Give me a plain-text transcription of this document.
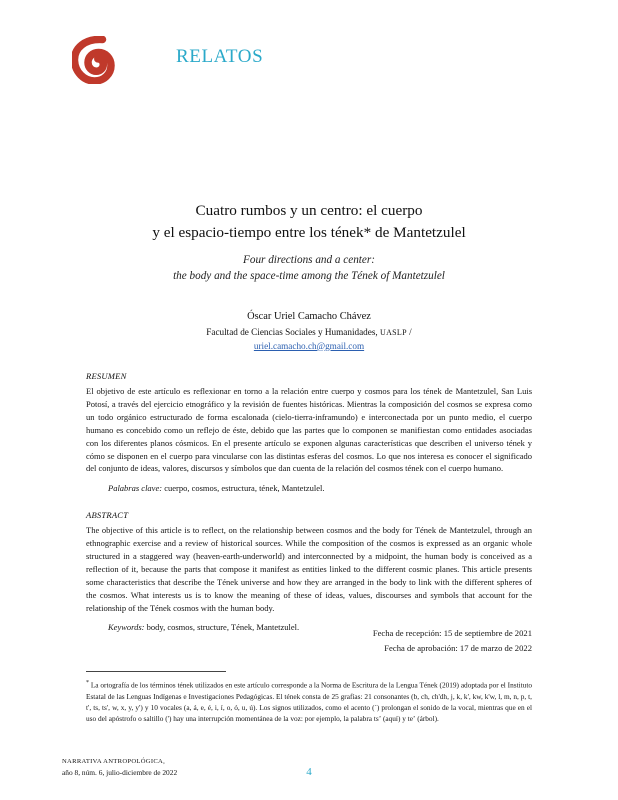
RELATOS
Cuatro rumbos y un centro: el cuerpo
y el espacio-tiempo entre los tének* de Mantetzulel
Four directions and a center:
the body and the space-time among the Tének of Mantetzulel
Óscar Uriel Camacho Chávez
Facultad de Ciencias Sociales y Humanidades, UASLP /
uriel.camacho.ch@gmail.com
RESUMEN

El objetivo de este artículo es reflexionar en torno a la relación entre cuerpo y cosmos para los tének de Mantetzulel, San Luis Potosí, a través del ejercicio etnográfico y la revisión de fuentes históricas. Mientras la composición del cosmos se expresa como un todo orgánico estructurado de forma escalonada (cielo-tierra-inframundo) e interconectada por un punto medio, el cuerpo humano es concebido como un reflejo de éste, debido que las partes que lo componen se manifiestan como entidades asociadas con los diferentes planos cósmicos. En el presente artículo se exponen algunas características que describen el universo tének y cómo se disponen en el cuerpo para vincularse con las distintas esferas del cosmos. Lo que nos interesa es conocer el significado del conjunto de ideas, valores, discursos y símbolos que dan cuenta de la relación del cosmos tének con el cuerpo humano.

Palabras clave: cuerpo, cosmos, estructura, tének, Mantetzulel.
ABSTRACT

The objective of this article is to reflect, on the relationship between cosmos and the body for Tének de Mantetzulel, through an ethnographic exercise and a review of historical sources. While the composition of the cosmos is expressed as an organic whole structured in a staggered way (heaven-earth-underworld) and interconnected by a midpoint, the human body is conceived as a reflection of it, because the parts that compose it manifest as entities linked to the different cosmic planes. This article presents some characteristics that describe the Tének universe and how they are arranged in the body to link with the different spheres of the cosmos. What interests us is to know the meaning of these of ideas, values, discourses and symbols that account for the relationship of the Tének cosmos with the human body.

Keywords: body, cosmos, structure, Tének, Mantetzulel.
Fecha de recepción: 15 de septiembre de 2021
Fecha de aprobación: 17 de marzo de 2022
* La ortografía de los términos tének utilizados en este artículo corresponde a la Norma de Escritura de la Lengua Tének (2019) adoptada por el Instituto Estatal de las Lenguas Indígenas e Investigaciones Pedagógicas. El tének consta de 25 grafías: 21 consonantes (b, ch, ch'dh, j, k, k', kw, k'w, l, m, n, p, t, t', ts, ts', w, x, y, y') y 10 vocales (a, á, e, é, i, í, o, ó, u, ú). Los signos utilizados, como el acento (´) prolongan el sonido de la vocal, mientras que en el uso del apóstrofo o saltillo (') hay una interrupción momentánea de la voz: por ejemplo, la palabra tsʼ (aquí) y teʼ (árbol).
NARRATIVA ANTROPOLÓGICA,
año 8, núm. 6, julio-diciembre de 2022	4
